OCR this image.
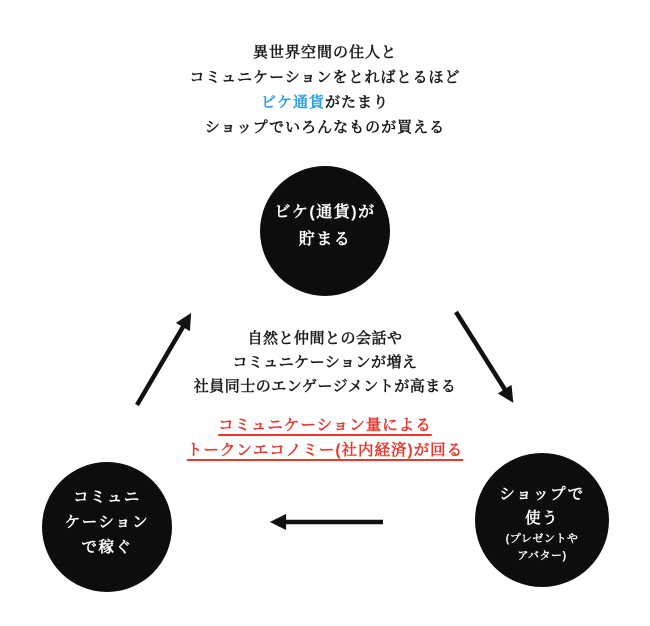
異世界空間の住人と

コミュニケーションをとればとるほど

ビケ通貨がたまり

ショップでいろんなものが買える

ビケ(通貨)が

貯まる

自然と仲間との会話や

コミュニケーションが増え

社員同士のエンゲージメントが高まる

コミュニケーション量による

トークンエコノミー(社内経済)が回る

コミュニ

ケーション

で稼ぐ

ショップで

使う

(プレゼントや

アバター)
